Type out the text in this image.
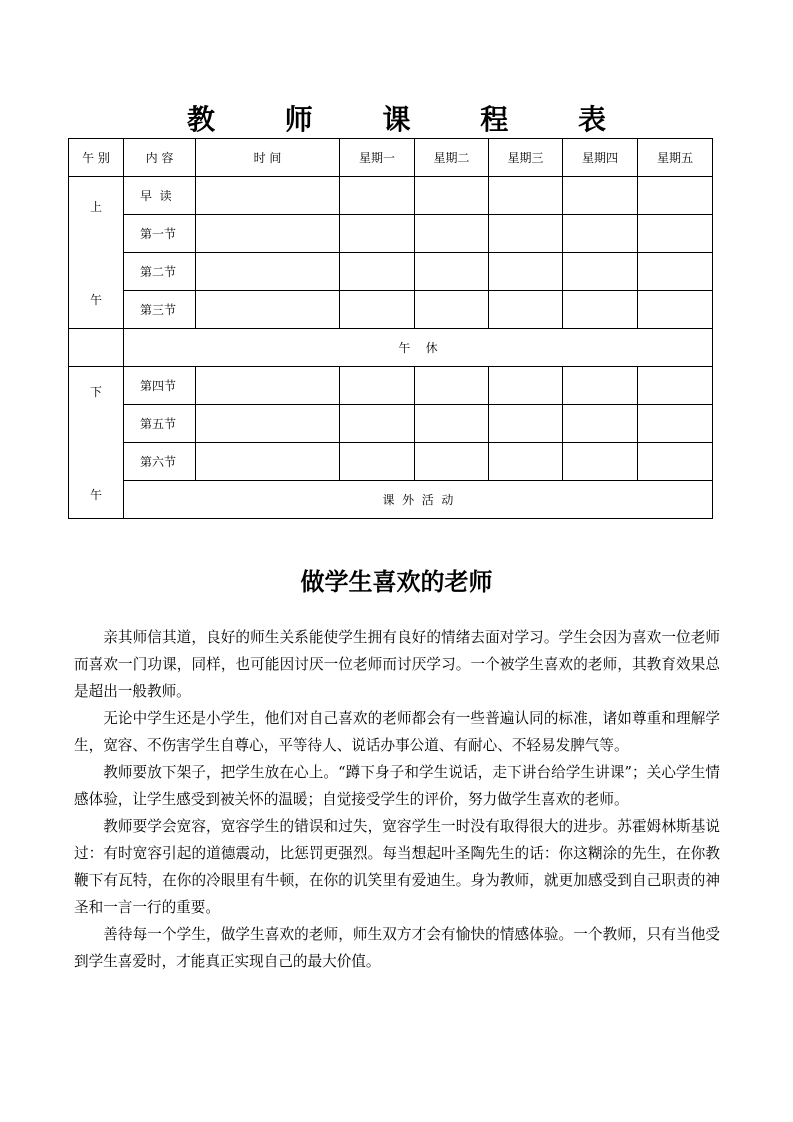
教 师 课 程 表
午 别	内 容	时 间	星期一	星期二	星期三	星期四	星期五

上
午	早  读						
	第一节						
	第二节						
	第三节						
	午    休						

下
午	第四节						
	第五节						
	第六节						
	课  外  活  动						
做学生喜欢的老师

亲其师信其道，良好的师生关系能使学生拥有良好的情绪去面对学习。学生会因为喜欢一位老师而喜欢一门功课，同样，也可能因讨厌一位老师而讨厌学习。一个被学生喜欢的老师，其教育效果总是超出一般教师。

无论中学生还是小学生，他们对自己喜欢的老师都会有一些普遍认同的标准，诸如尊重和理解学生，宽容、不伤害学生自尊心，平等待人、说话办事公道、有耐心、不轻易发脾气等。

教师要放下架子，把学生放在心上。“蹲下身子和学生说话，走下讲台给学生讲课”；关心学生情感体验，让学生感受到被关怀的温暖；自觉接受学生的评价，努力做学生喜欢的老师。

教师要学会宽容，宽容学生的错误和过失，宽容学生一时没有取得很大的进步。苏霍姆林斯基说过：有时宽容引起的道德震动，比惩罚更强烈。每当想起叶圣陶先生的话：你这糊涂的先生，在你教鞭下有瓦特，在你的冷眼里有牛顿，在你的讥笑里有爱迪生。身为教师，就更加感受到自己职责的神圣和一言一行的重要。

善待每一个学生，做学生喜欢的老师，师生双方才会有愉快的情感体验。一个教师，只有当他受到学生喜爱时，才能真正实现自己的最大价值。
